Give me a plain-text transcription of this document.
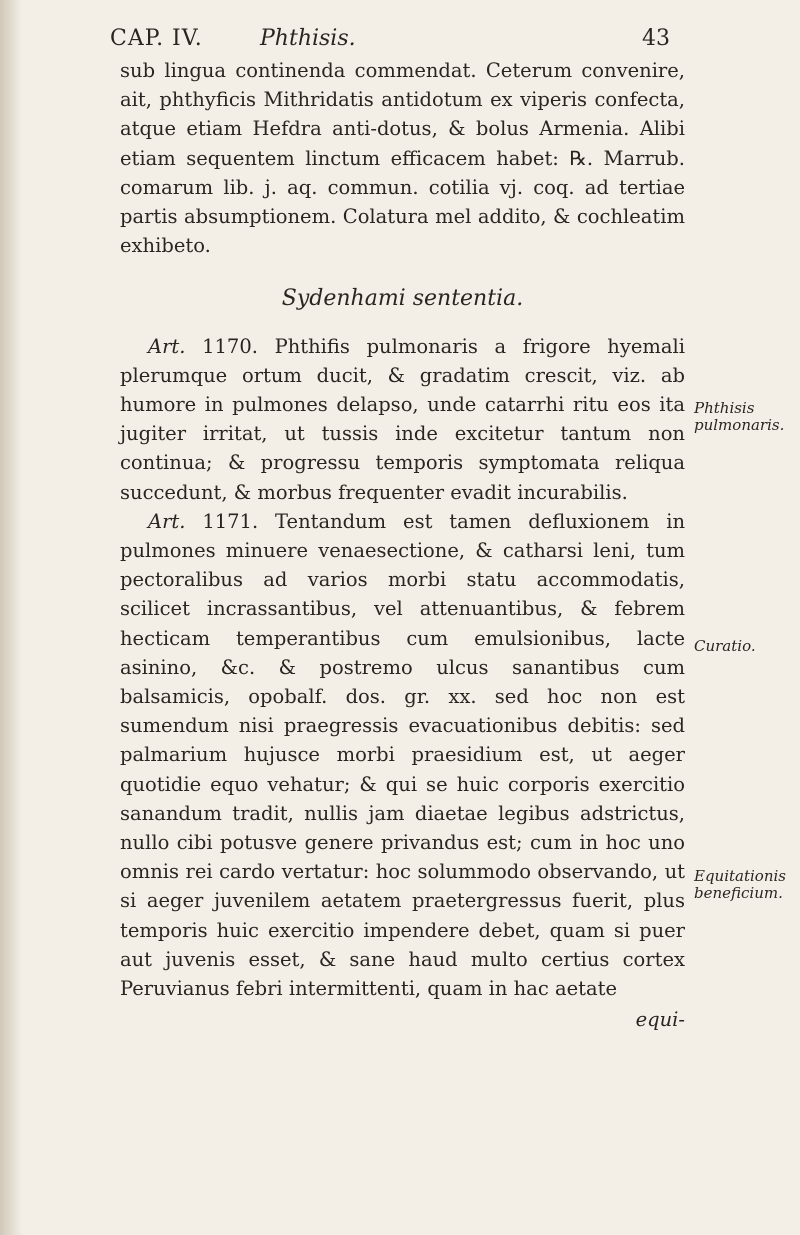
CAP. IV.	Phthisis.	43

sub lingua continenda commendat. Ceterum convenire, ait, phthyficis Mithridatis antidotum ex viperis confecta, atque etiam Hefdra anti-dotus, & bolus Armenia. Alibi etiam sequentem linctum efficacem habet: ℞. Marrub. comarum lib. j. aq. commun. cotilia vj. coq. ad tertiae partis absumptionem. Colatura mel addito, & cochleatim exhibeto.

Sydenhami sententia.

Art. 1170. Phthifis pulmonaris a frigore hyemali plerumque ortum ducit, & gradatim crescit, viz. ab humore in pulmones delapso, unde catarrhi ritu eos ita jugiter irritat, ut tussis inde excitetur tantum non continua; & progressu temporis symptomata reliqua succedunt, & morbus frequenter evadit incurabilis.

Art. 1171. Tentandum est tamen defluxionem in pulmones minuere venaesectione, & catharsi leni, tum pectoralibus ad varios morbi statu accommodatis, scilicet incrassantibus, vel attenuantibus, & febrem hecticam temperantibus cum emulsionibus, lacte asinino, &c. & postremo ulcus sanantibus cum balsamicis, opobalf. dos. gr. xx. sed hoc non est sumendum nisi praegressis evacuationibus debitis: sed palmarium hujusce morbi praesidium est, ut aeger quotidie equo vehatur; & qui se huic corporis exercitio sanandum tradit, nullis jam diaetae legibus adstrictus, nullo cibi potusve genere privandus est; cum in hoc uno omnis rei cardo vertatur: hoc solummodo observando, ut si aeger juvenilem aetatem praetergressus fuerit, plus temporis huic exercitio impendere debet, quam si puer aut juvenis esset, & sane haud multo certius cortex Peruvianus febri intermittenti, quam in hac aetate

equi-

Phthisis pulmonaris.
Curatio.
Equitationis beneficium.
